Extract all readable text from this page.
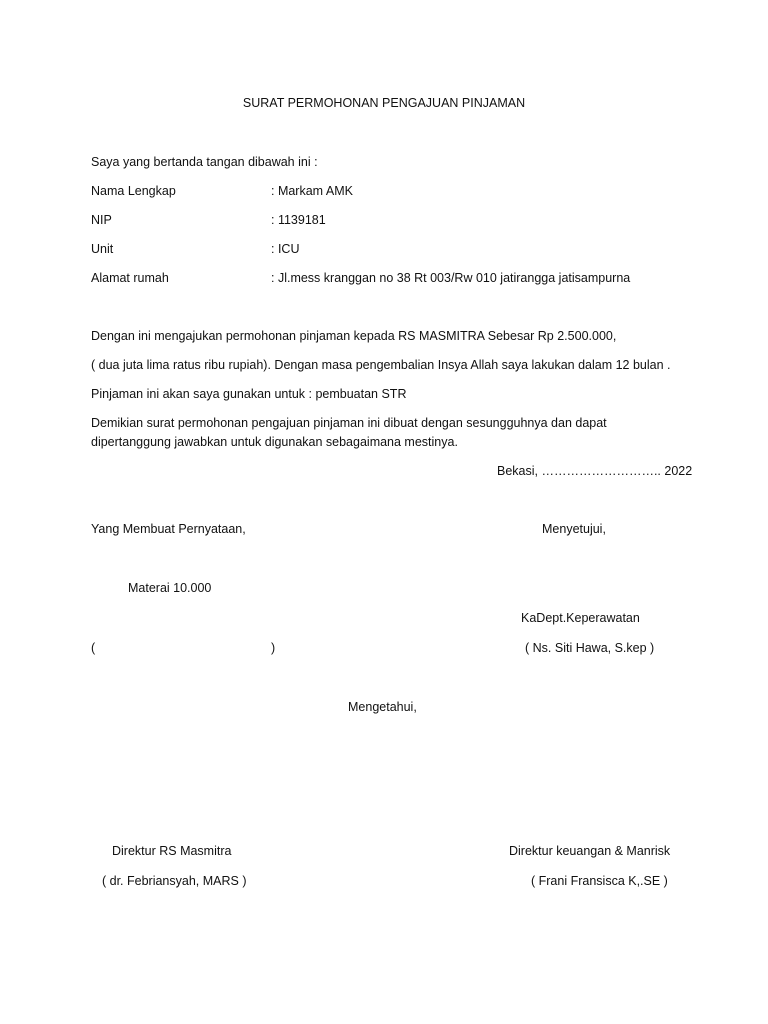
SURAT PERMOHONAN PENGAJUAN PINJAMAN
Saya yang bertanda tangan dibawah ini :
Nama Lengkap	: Markam AMK
NIP	: 1139181
Unit	: ICU
Alamat rumah	: Jl.mess kranggan no 38 Rt 003/Rw 010 jatirangga jatisampurna
Dengan ini mengajukan permohonan pinjaman kepada RS MASMITRA Sebesar Rp 2.500.000,
( dua juta lima ratus ribu rupiah). Dengan masa pengembalian Insya Allah saya lakukan dalam 12 bulan .
Pinjaman ini akan saya gunakan untuk : pembuatan STR
Demikian surat permohonan pengajuan pinjaman ini dibuat dengan sesungguhnya dan dapat
dipertanggung jawabkan untuk digunakan sebagaimana mestinya.
Bekasi, ……………………….. 2022
Yang Membuat Pernyataan,	Menyetujui,
Materai 10.000
KaDept.Keperawatan
(	)	( Ns. Siti Hawa, S.kep )
Mengetahui,
Direktur RS Masmitra	Direktur keuangan & Manrisk
( dr. Febriansyah, MARS )	( Frani Fransisca K,.SE )
